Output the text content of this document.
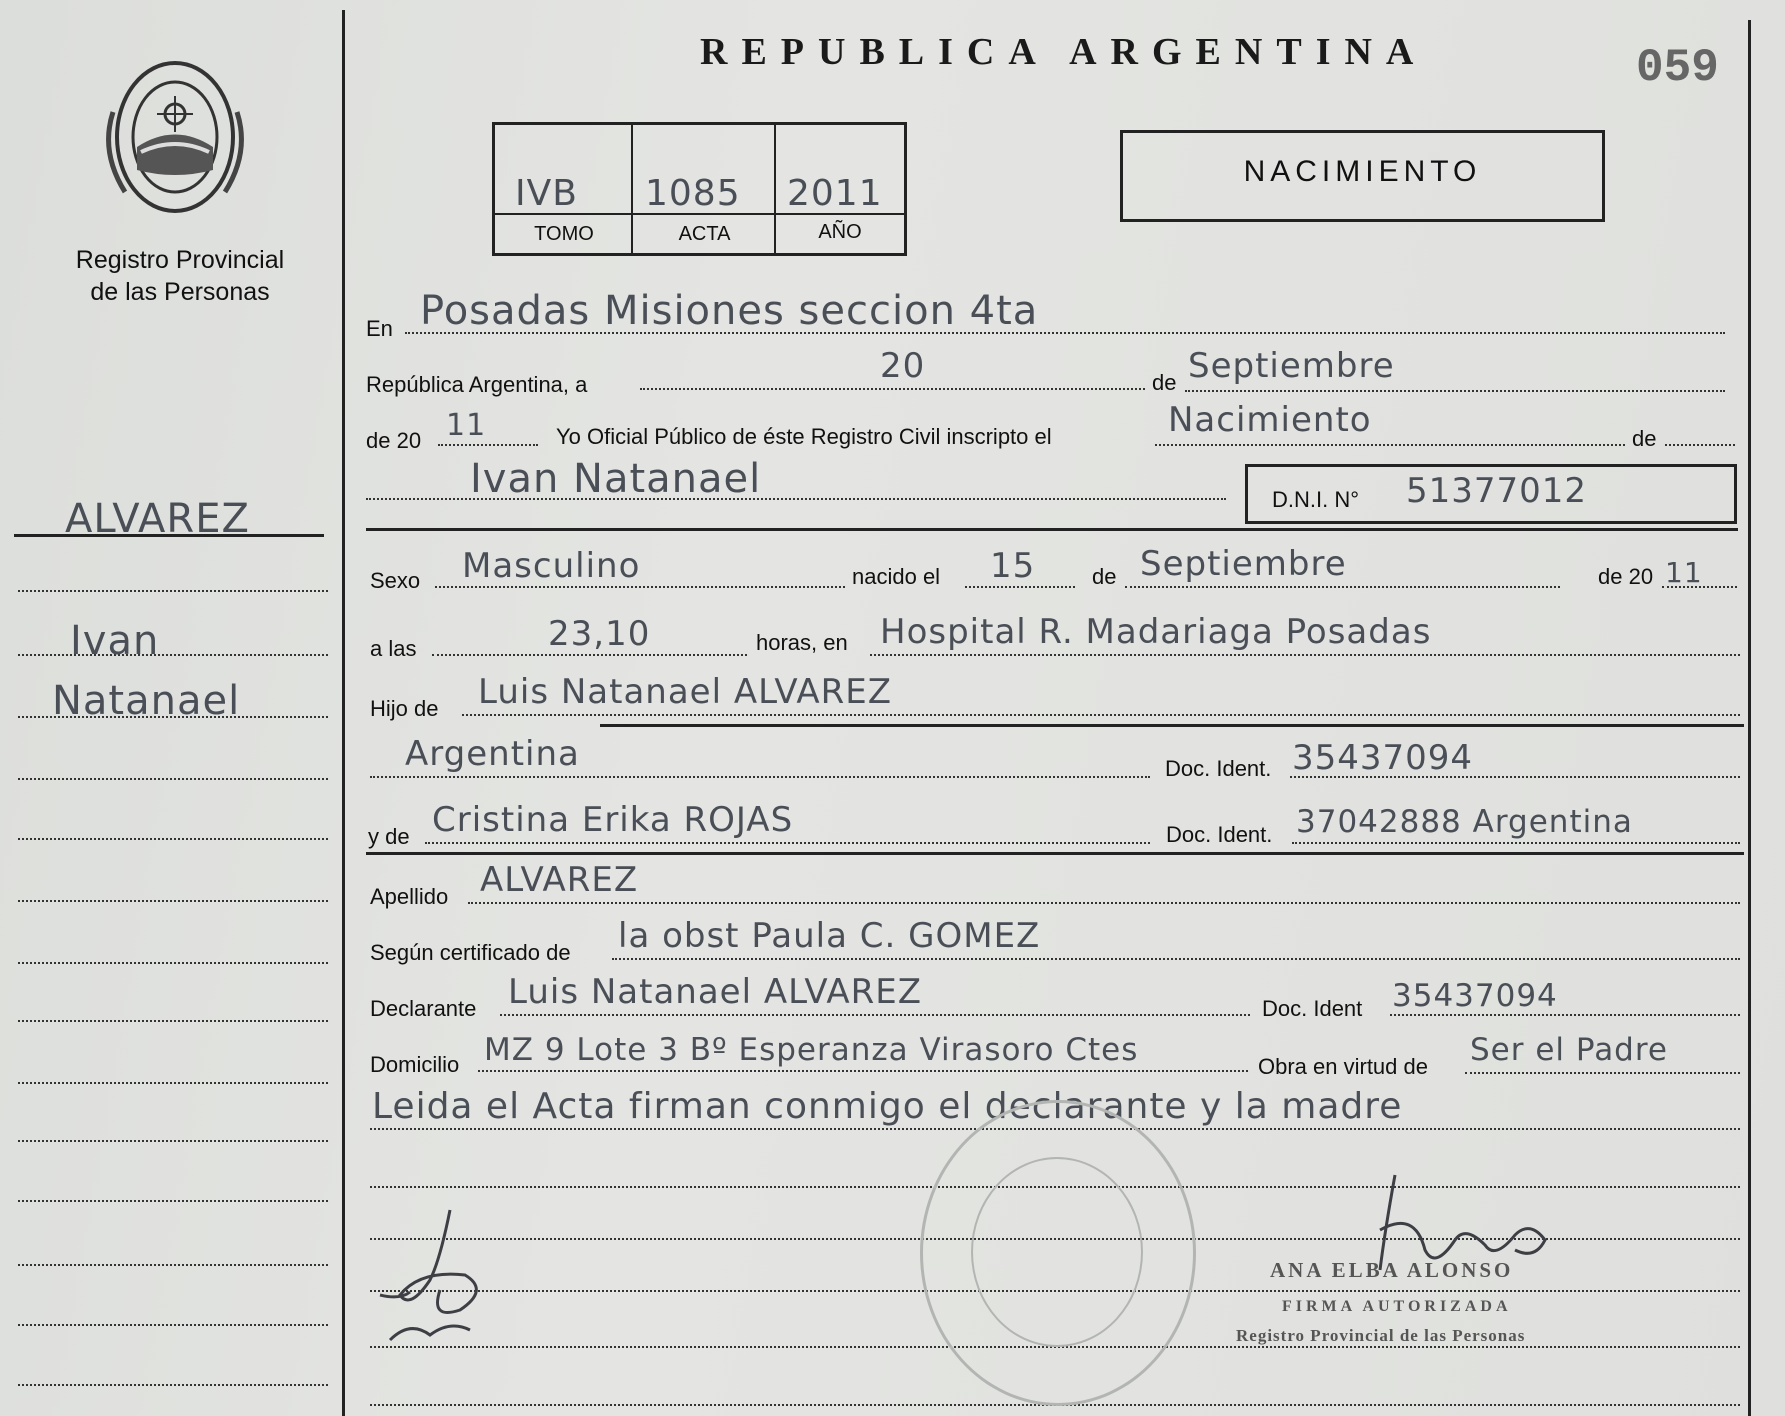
Registro Provincial
de las Personas
ALVAREZ
Ivan
Natanael
REPUBLICA ARGENTINA	059
IVB 1085 2011
TOMO	ACTA	AÑO
NACIMIENTO
En Posadas Misiones seccion 4ta
República Argentina, a	20	de Septiembre
de 20 11	Yo Oficial Público de éste Registro Civil inscripto el	Nacimiento	de
Ivan Natanael	D.N.I. N° 51377012
Sexo Masculino	nacido el 15	de Septiembre	de 20 11
a las	23,10	horas, en Hospital R. Madariaga Posadas
Hijo de Luis Natanael ALVAREZ
Argentina	Doc. Ident. 35437094
y de Cristina Erika ROJAS	Doc. Ident. 37042888 Argentina
Apellido ALVAREZ
Según certificado de la obst Paula C. GOMEZ
Declarante Luis Natanael ALVAREZ	Doc. Ident 35437094
Domicilio MZ 9 Lote 3 Bº Esperanza Virasoro Ctes	Obra en virtud de Ser el Padre
Leida el Acta firman conmigo el declarante y la madre
ANA ELBA ALONSO
FIRMA AUTORIZADA
Registro Provincial de las Personas
